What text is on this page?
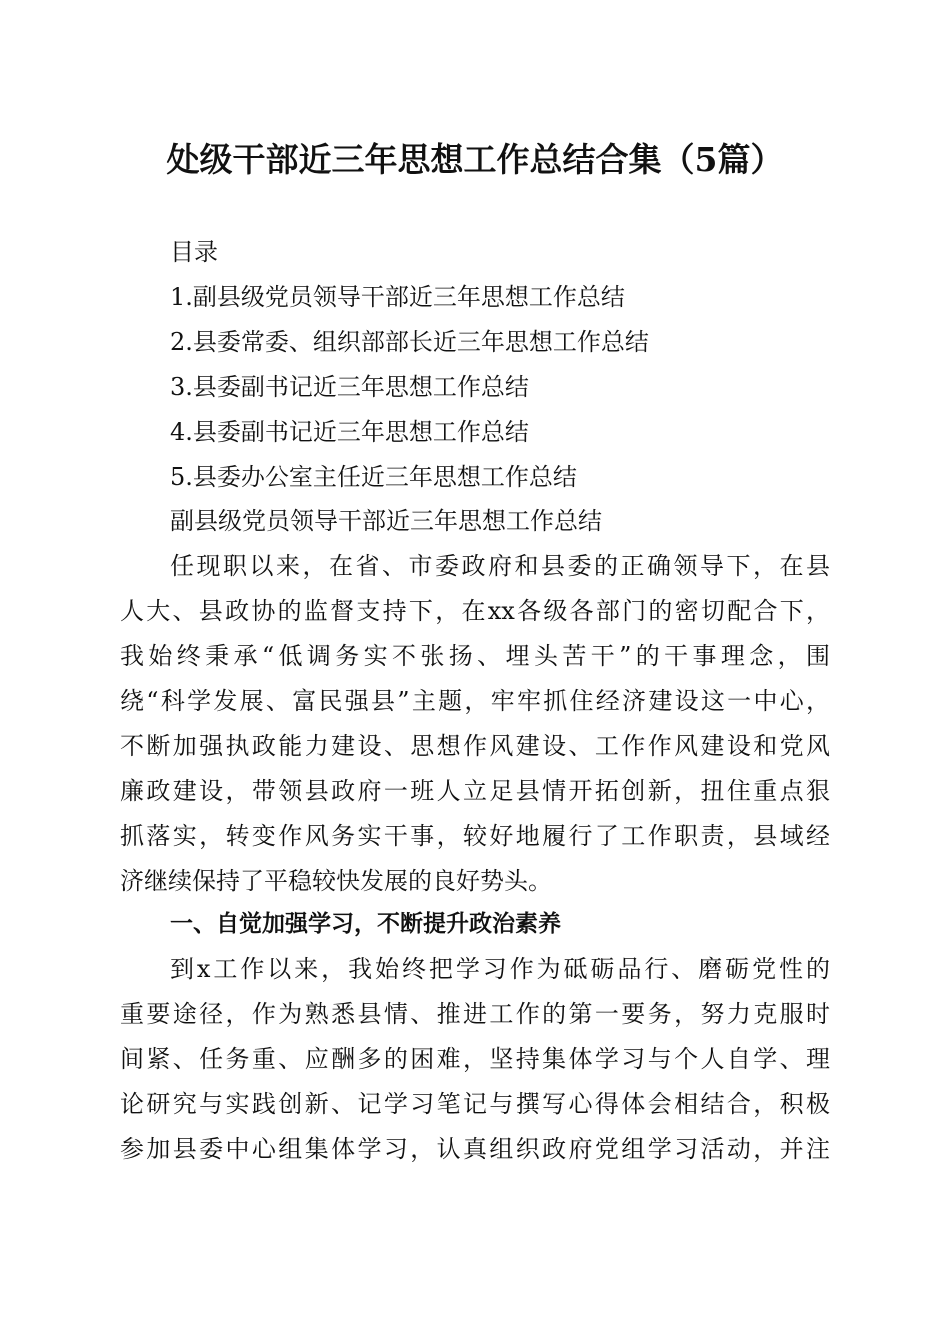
处级干部近三年思想工作总结合集（5篇）
目录
1.副县级党员领导干部近三年思想工作总结
2.县委常委、组织部部长近三年思想工作总结
3.县委副书记近三年思想工作总结
4.县委副书记近三年思想工作总结
5.县委办公室主任近三年思想工作总结
副县级党员领导干部近三年思想工作总结
任现职以来，在省、市委政府和县委的正确领导下，在县
人大、县政协的监督支持下，在xx各级各部门的密切配合下，
我始终秉承“低调务实不张扬、埋头苦干”的干事理念，围
绕“科学发展、富民强县”主题，牢牢抓住经济建设这一中心，
不断加强执政能力建设、思想作风建设、工作作风建设和党风
廉政建设，带领县政府一班人立足县情开拓创新，扭住重点狠
抓落实，转变作风务实干事，较好地履行了工作职责，县域经
济继续保持了平稳较快发展的良好势头。
一、自觉加强学习，不断提升政治素养
到x工作以来，我始终把学习作为砥砺品行、磨砺党性的
重要途径，作为熟悉县情、推进工作的第一要务，努力克服时
间紧、任务重、应酬多的困难，坚持集体学习与个人自学、理
论研究与实践创新、记学习笔记与撰写心得体会相结合，积极
参加县委中心组集体学习，认真组织政府党组学习活动，并注
